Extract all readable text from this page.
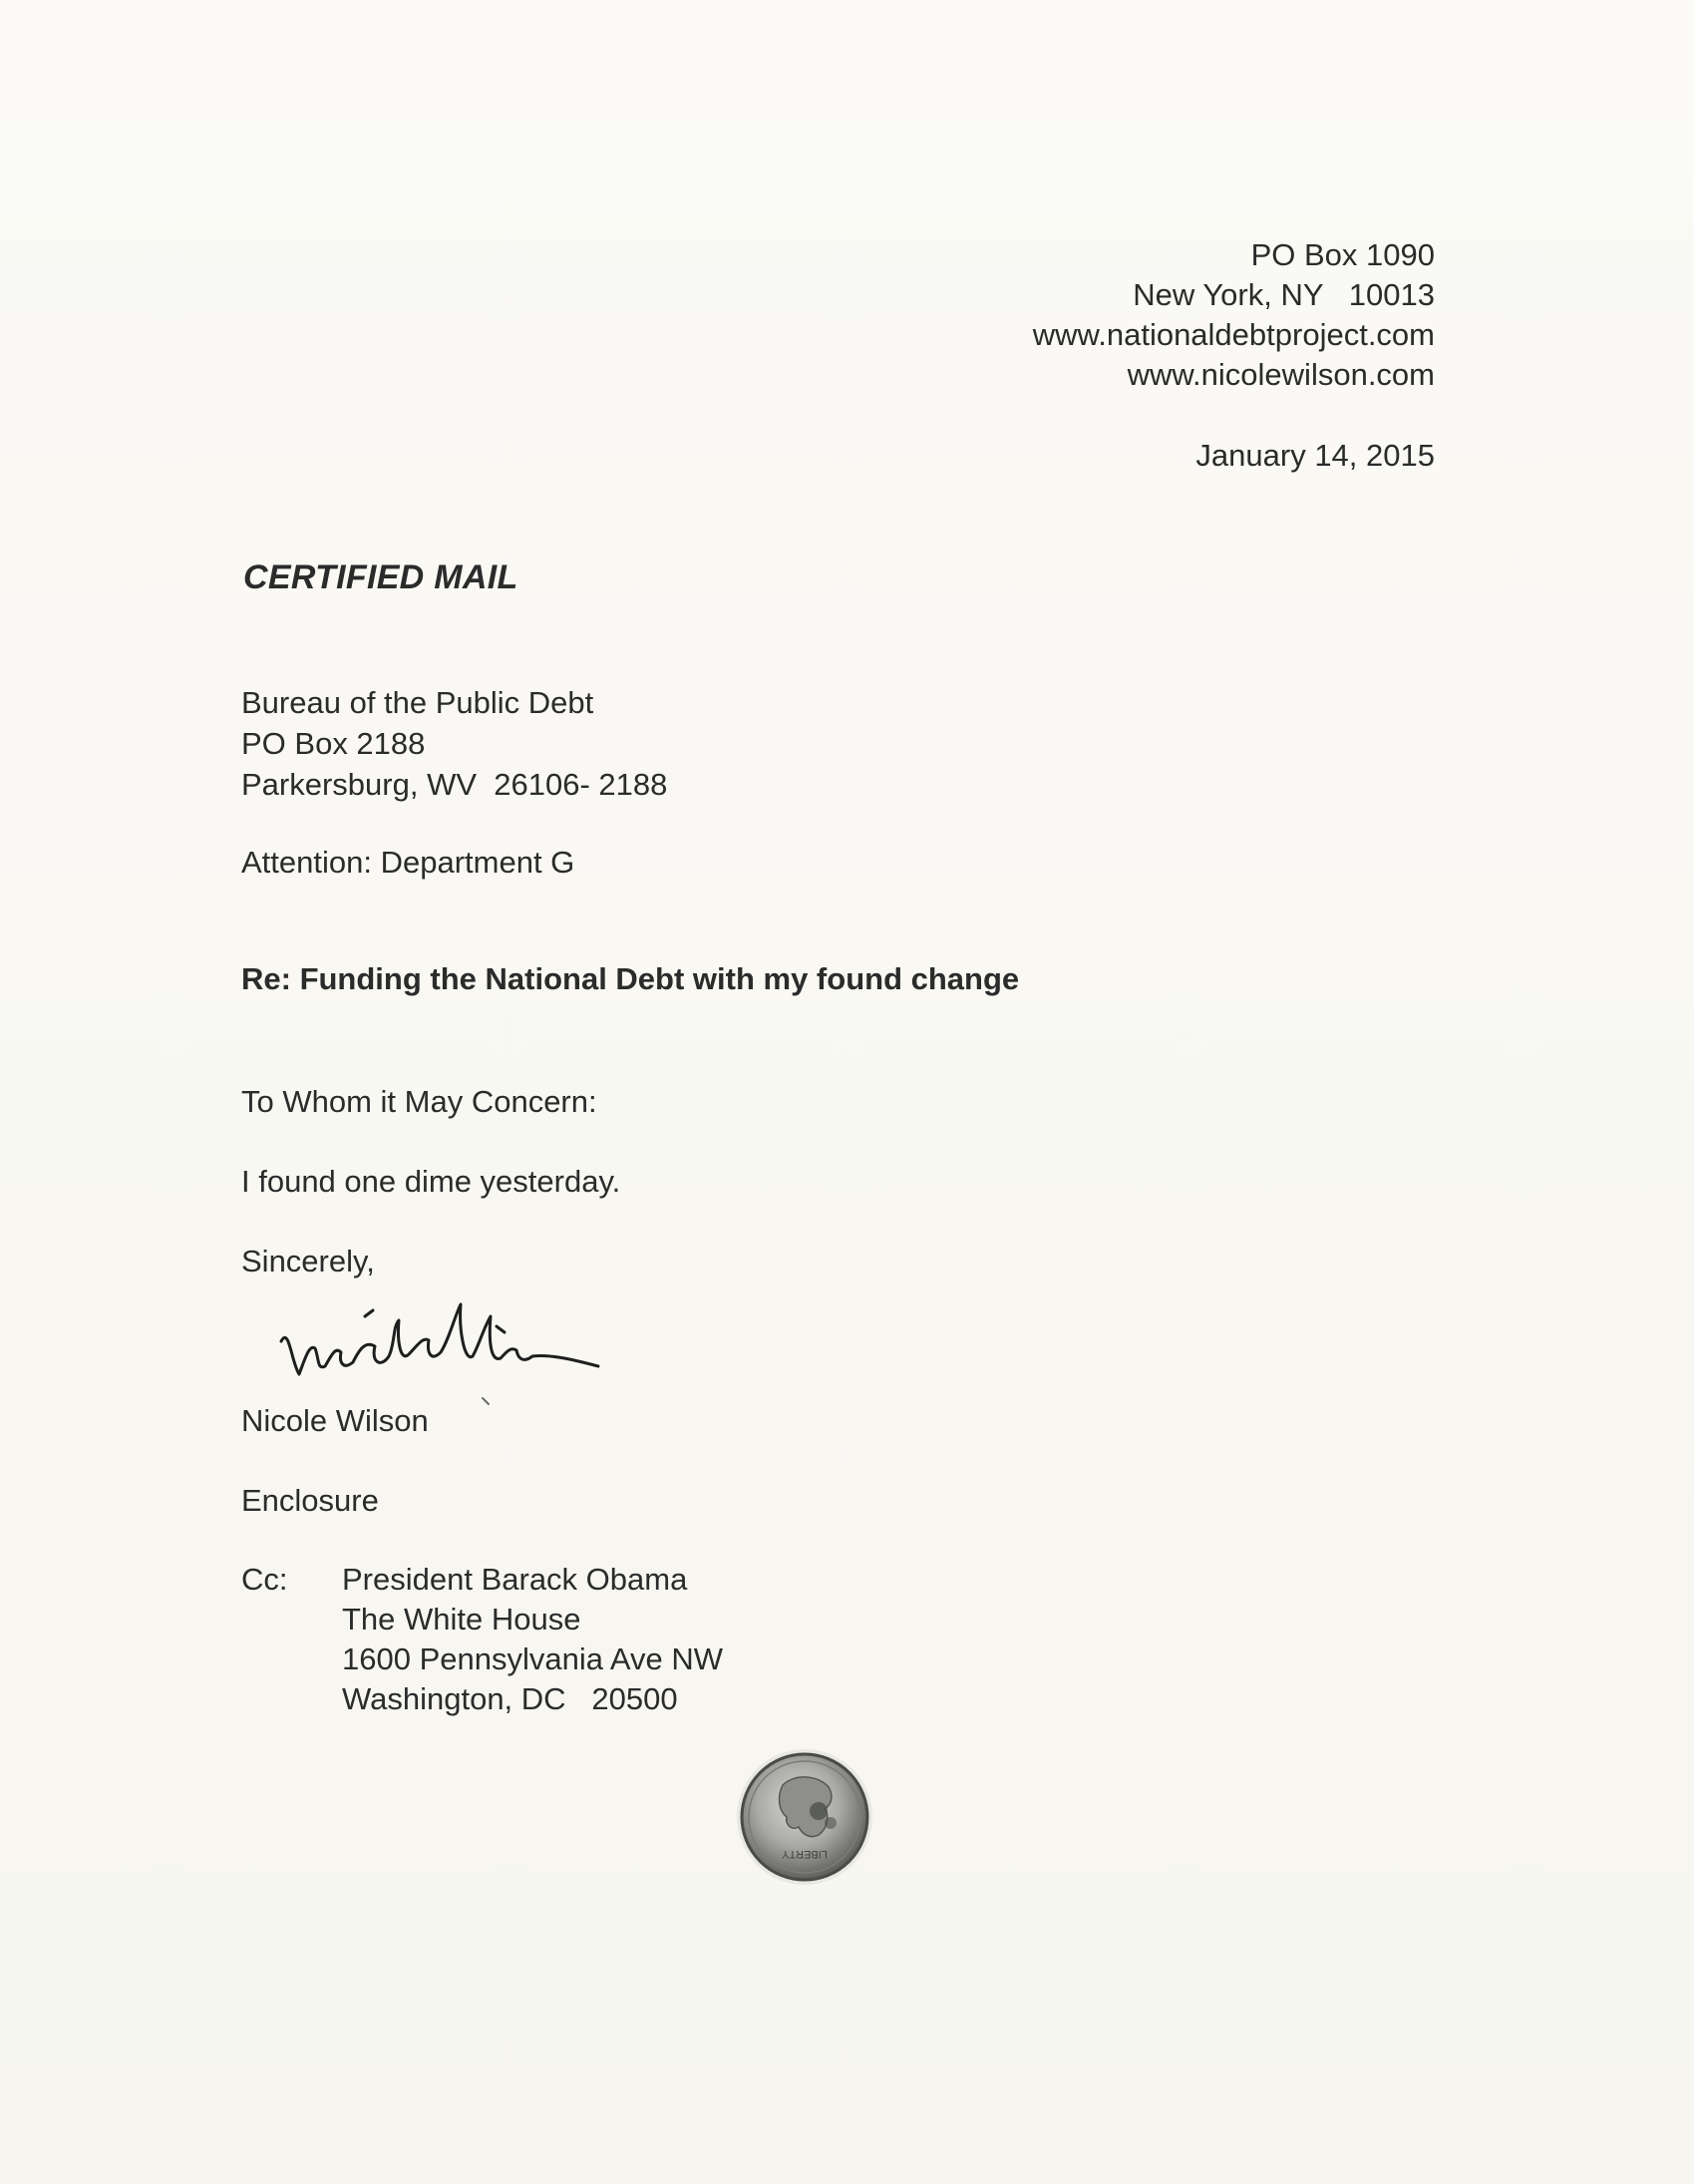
PO Box 1090
New York, NY   10013
www.nationaldebtproject.com
www.nicolewilson.com
January 14, 2015
CERTIFIED MAIL
Bureau of the Public Debt
PO Box 2188
Parkersburg, WV  26106- 2188
Attention: Department G
Re: Funding the National Debt with my found change
To Whom it May Concern:
I found one dime yesterday.
Sincerely,
Nicole Wilson
Enclosure
Cc: President Barack Obama
The White House
1600 Pennsylvania Ave NW
Washington, DC   20500
LIBERTY
